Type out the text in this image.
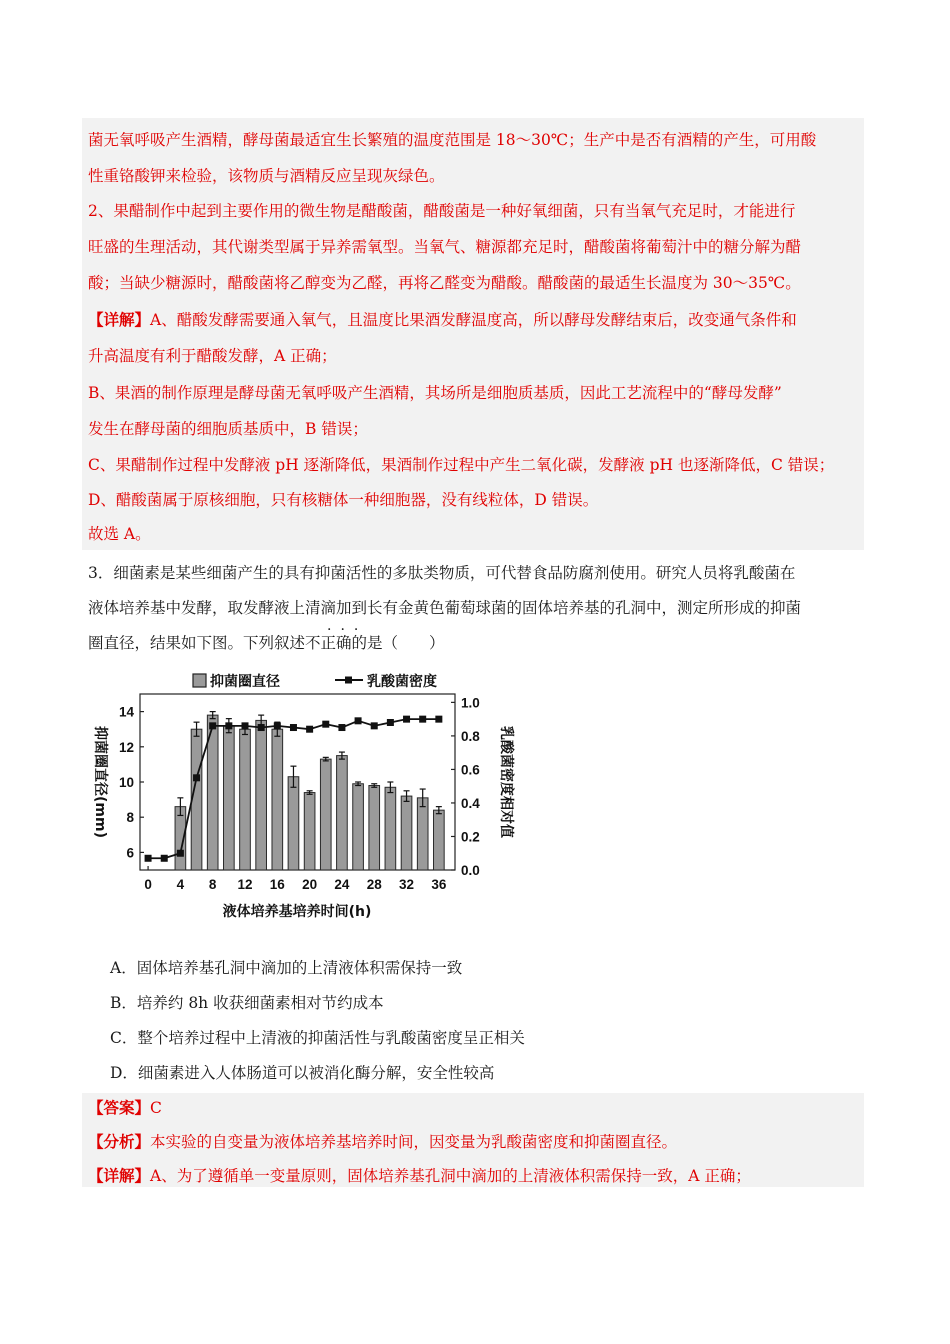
菌无氧呼吸产生酒精，酵母菌最适宜生长繁殖的温度范围是 18～30℃；生产中是否有酒精的产生，可用酸
性重铬酸钾来检验，该物质与酒精反应呈现灰绿色。
2、果醋制作中起到主要作用的微生物是醋酸菌，醋酸菌是一种好氧细菌，只有当氧气充足时，才能进行
旺盛的生理活动，其代谢类型属于异养需氧型。当氧气、糖源都充足时，醋酸菌将葡萄汁中的糖分解为醋
酸；当缺少糖源时，醋酸菌将乙醇变为乙醛，再将乙醛变为醋酸。醋酸菌的最适生长温度为 30～35℃。
【详解】A、醋酸发酵需要通入氧气，且温度比果酒发酵温度高，所以酵母发酵结束后，改变通气条件和
升高温度有利于醋酸发酵，A 正确；
B、果酒的制作原理是酵母菌无氧呼吸产生酒精，其场所是细胞质基质，因此工艺流程中的“酵母发酵”
发生在酵母菌的细胞质基质中，B 错误；
C、果醋制作过程中发酵液 pH 逐渐降低，果酒制作过程中产生二氧化碳，发酵液 pH 也逐渐降低，C 错误；
D、醋酸菌属于原核细胞，只有核糖体一种细胞器，没有线粒体，D 错误。
故选 A。
3．细菌素是某些细菌产生的具有抑菌活性的多肽类物质，可代替食品防腐剂使用。研究人员将乳酸菌在
液体培养基中发酵，取发酵液上清滴加到长有金黄色葡萄球菌的固体培养基的孔洞中，测定所形成的抑菌
···
圈直径，结果如下图。下列叙述不正确的是（　　）
抑菌圈直径	乳酸菌密度
6
8
10
12
14
0.0
0.2
0.4
0.6
0.8
1.0
0 4 8 12 16 20 24 28 32 36
液体培养基培养时间(h)
抑菌圈直径(mm)	乳酸菌密度相对值
A．固体培养基孔洞中滴加的上清液体积需保持一致
B．培养约 8h 收获细菌素相对节约成本
C．整个培养过程中上清液的抑菌活性与乳酸菌密度呈正相关
D．细菌素进入人体肠道可以被消化酶分解，安全性较高
【答案】C
【分析】本实验的自变量为液体培养基培养时间，因变量为乳酸菌密度和抑菌圈直径。
【详解】A、为了遵循单一变量原则，固体培养基孔洞中滴加的上清液体积需保持一致，A 正确；
